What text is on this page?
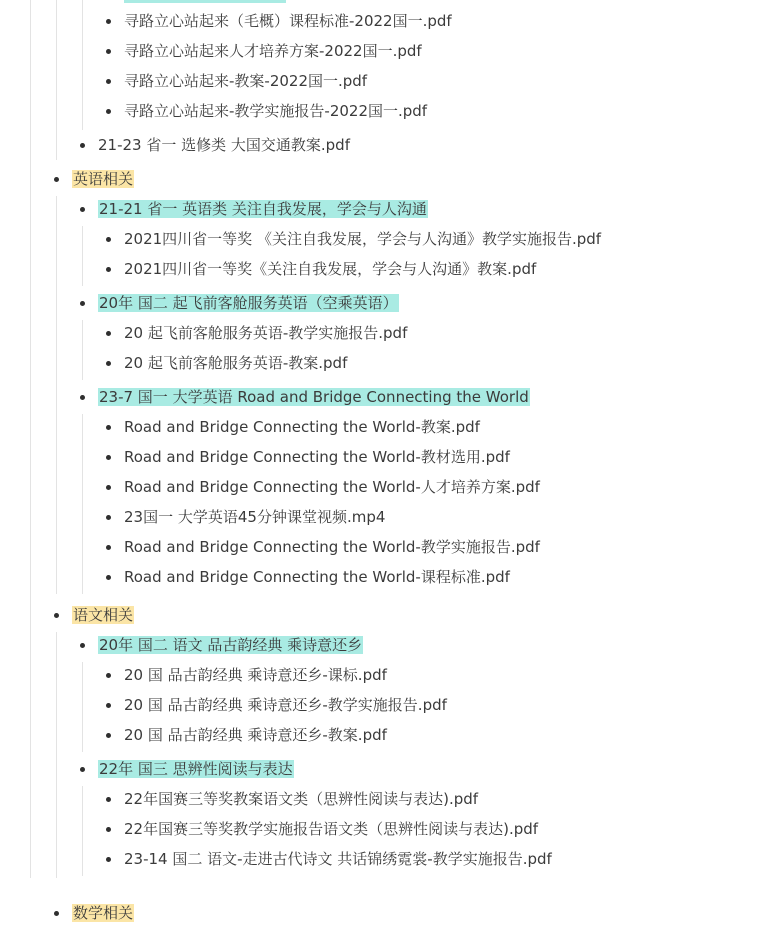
寻路立心站起来（毛概）课程标准-2022国一.pdf
寻路立心站起来人才培养方案-2022国一.pdf
寻路立心站起来-教案-2022国一.pdf
寻路立心站起来-教学实施报告-2022国一.pdf
21-23 省一 选修类 大国交通教案.pdf
英语相关
21-21 省一 英语类 关注自我发展，学会与人沟通
2021四川省一等奖 《关注自我发展，学会与人沟通》教学实施报告.pdf
2021四川省一等奖《关注自我发展，学会与人沟通》教案.pdf
20年 国二 起飞前客舱服务英语（空乘英语）
20 起飞前客舱服务英语-教学实施报告.pdf
20 起飞前客舱服务英语-教案.pdf
23-7 国一 大学英语 Road and Bridge Connecting the World
Road and Bridge Connecting the World-教案.pdf
Road and Bridge Connecting the World-教材选用.pdf
Road and Bridge Connecting the World-人才培养方案.pdf
23国一 大学英语45分钟课堂视频.mp4
Road and Bridge Connecting the World-教学实施报告.pdf
Road and Bridge Connecting the World-课程标准.pdf
语文相关
20年 国二 语文 品古韵经典 乘诗意还乡
20 国 品古韵经典 乘诗意还乡-课标.pdf
20 国 品古韵经典 乘诗意还乡-教学实施报告.pdf
20 国 品古韵经典 乘诗意还乡-教案.pdf
22年 国三 思辨性阅读与表达
22年国赛三等奖教案语文类（思辨性阅读与表达).pdf
22年国赛三等奖教学实施报告语文类（思辨性阅读与表达).pdf
23-14 国二 语文-走进古代诗文 共话锦绣霓裳-教学实施报告.pdf
数学相关
